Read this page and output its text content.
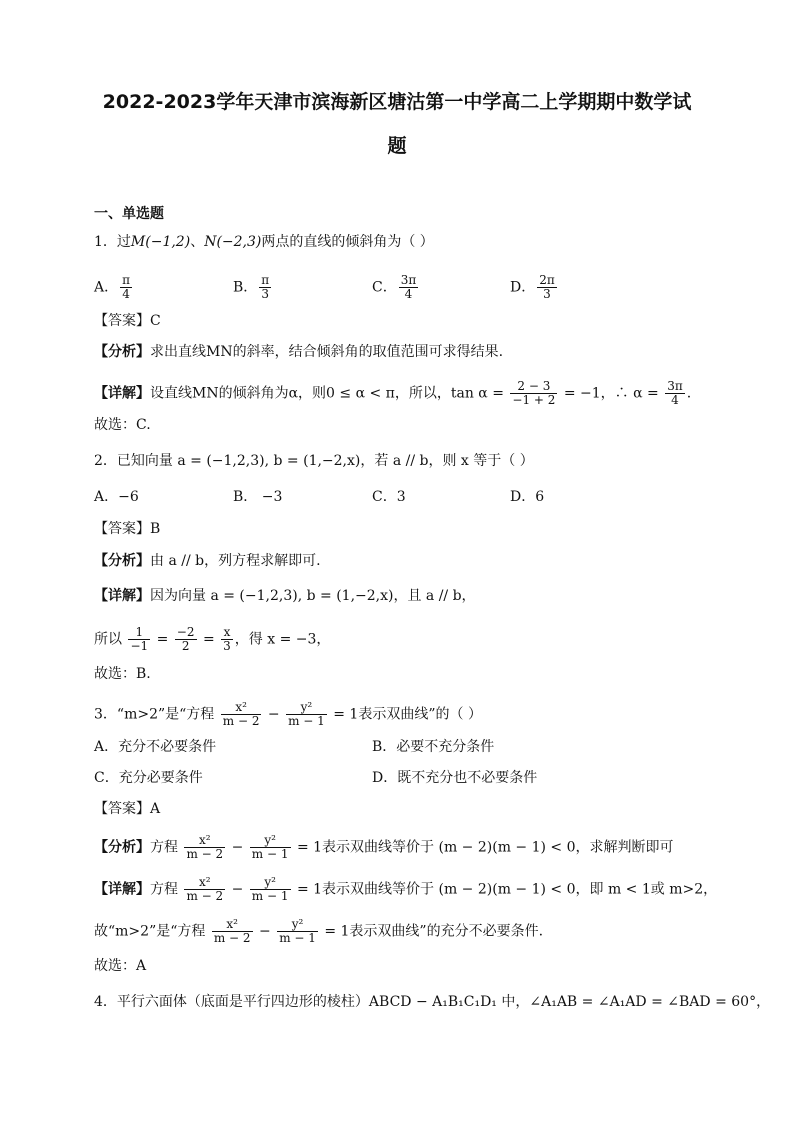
2022-2023学年天津市滨海新区塘沽第一中学高二上学期期中数学试
题
一、单选题
1．过M(−1,2)、N(−2,3)两点的直线的倾斜角为（ ）
A． $\frac{\pi}{4}$	B． $\frac{\pi}{3}$	C． $\frac{3\pi}{4}$	D． $\frac{2\pi}{3}$
【答案】C
【分析】求出直线MN的斜率，结合倾斜角的取值范围可求得结果.
【详解】设直线MN的倾斜角为α，则0 ≤ α < π，所以，$\tan \alpha = \frac{2 - 3}{-1 + 2} = -1$，∴ $\alpha = \frac{3\pi}{4}$ .
故选：C.
2．已知向量 a = (−1,2,3), b = (1,−2,x)，若 a // b，则 x 等于（ ）
A．−6	B． −3	C．3	D．6
【答案】B
【分析】由 a // b，列方程求解即可.
【详解】因为向量 a = (−1,2,3), b = (1,−2,x)，且 a // b，
所以 $\frac{1}{-1} = \frac{-2}{2} = \frac{x}{3}$ ，得 x = −3，
故选：B.
3．“m>2”是“方程 $\frac{\text{x²}}{m - 2} - \frac{\text{y²}}{m - 1} = 1$表示双曲线”的（ ）
A．充分不必要条件	B．必要不充分条件
C．充分必要条件	D．既不充分也不必要条件
【答案】A
【分析】方程 $\frac{\text{x²}}{m - 2} - \frac{\text{y²}}{m - 1} = 1$表示双曲线等价于 (m − 2)(m − 1) < 0，求解判断即可
【详解】方程 $\frac{\text{x²}}{m - 2} - \frac{\text{y²}}{m - 1} = 1$表示双曲线等价于 (m − 2)(m − 1) < 0，即 m < 1或 m>2，
故“m>2”是“方程 $\frac{\text{x²}}{m - 2} - \frac{\text{y²}}{m - 1} = 1$表示双曲线”的充分不必要条件.
故选：A
4．平行六面体（底面是平行四边形的棱柱）ABCD − A₁B₁C₁D₁ 中，∠A₁AB = ∠A₁AD = ∠BAD = 60°，
